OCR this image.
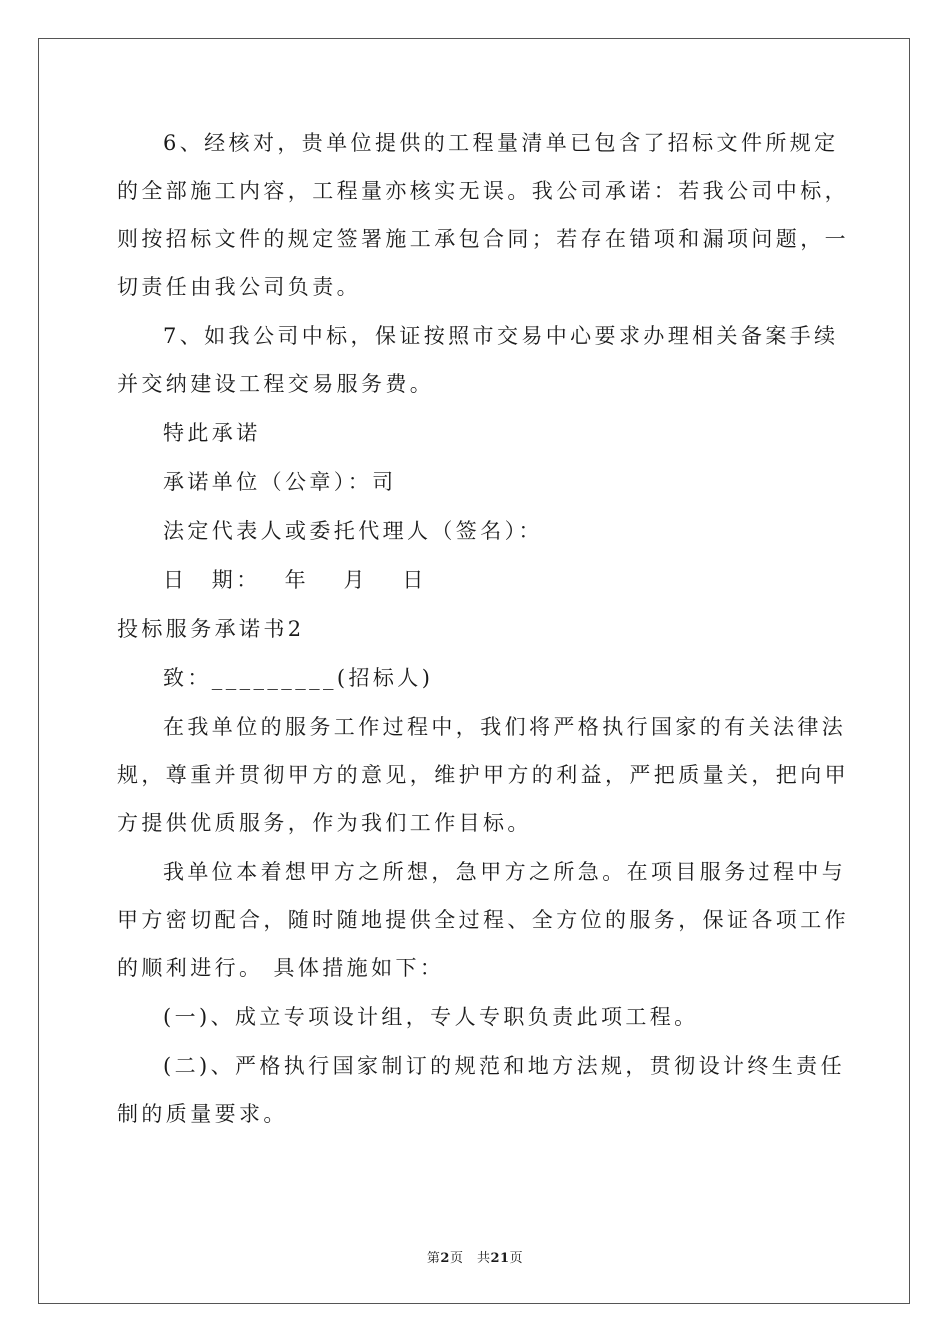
6、经核对，贵单位提供的工程量清单已包含了招标文件所规定
的全部施工内容，工程量亦核实无误。我公司承诺：若我公司中标，
则按招标文件的规定签署施工承包合同；若存在错项和漏项问题，一
切责任由我公司负责。
7、如我公司中标，保证按照市交易中心要求办理相关备案手续
并交纳建设工程交易服务费。
特此承诺
承诺单位（公章）：司
法定代表人或委托代理人（签名）：
日　期：　 年　 月　 日
投标服务承诺书2
致：_________(招标人)
在我单位的服务工作过程中，我们将严格执行国家的有关法律法
规，尊重并贯彻甲方的意见，维护甲方的利益，严把质量关，把向甲
方提供优质服务，作为我们工作目标。
我单位本着想甲方之所想，急甲方之所急。在项目服务过程中与
甲方密切配合，随时随地提供全过程、全方位的服务，保证各项工作
的顺利进行。 具体措施如下：
(一)、成立专项设计组，专人专职负责此项工程。
(二)、严格执行国家制订的规范和地方法规，贯彻设计终生责任
制的质量要求。
第2页　共21页
